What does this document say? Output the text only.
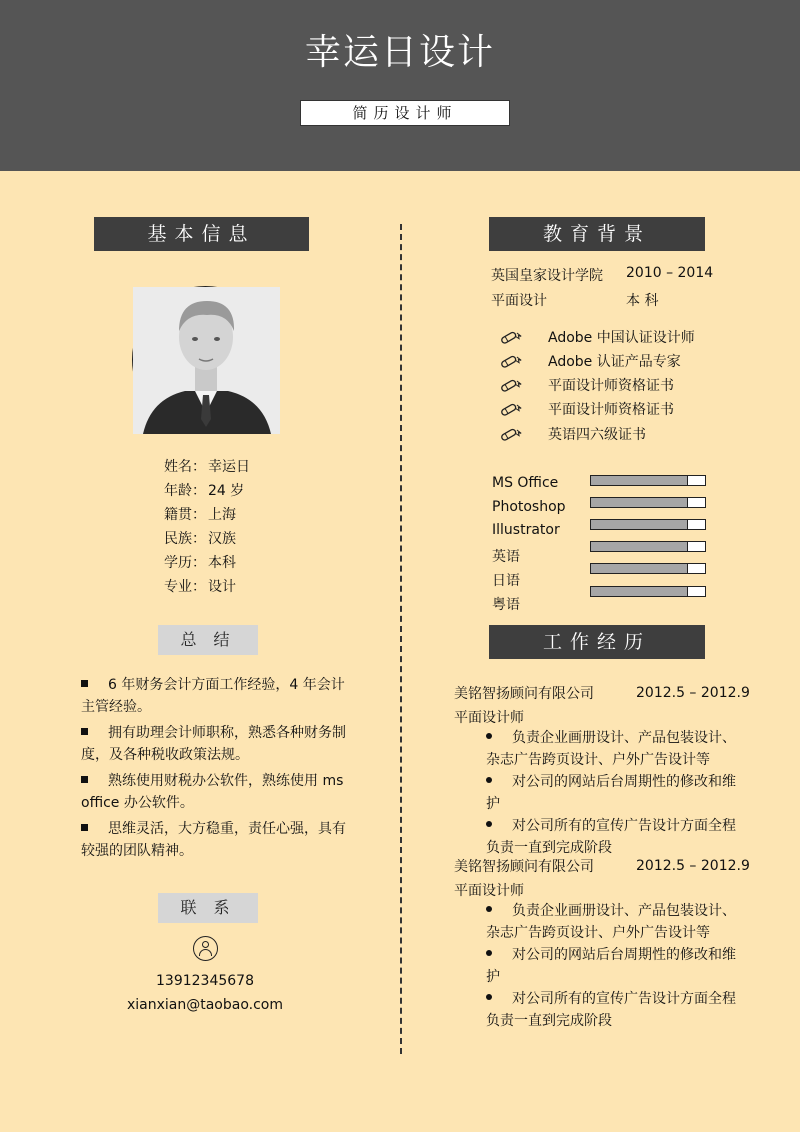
幸运日设计
简历设计师
基本信息
姓名： 幸运日
年龄： 24 岁
籍贯： 上海
民族： 汉族
学历： 本科
专业： 设计
总 结
6 年财务会计方面工作经验，4 年会计主管经验。
拥有助理会计师职称，熟悉各种财务制度，及各种税收政策法规。
熟练使用财税办公软件，熟练使用 ms office 办公软件。
思维灵活，大方稳重，责任心强，具有较强的团队精神。
联 系
13912345678
xianxian@taobao.com
教育背景
英国皇家设计学院 2010 – 2014
平面设计	本 科
Adobe 中国认证设计师
Adobe 认证产品专家
平面设计师资格证书
平面设计师资格证书
英语四六级证书
MS Office
Photoshop
Illustrator
英语
日语
粤语
工作经历
美铭智扬顾问有限公司	2012.5 – 2012.9
平面设计师
负责企业画册设计、产品包装设计、杂志广告跨页设计、户外广告设计等
对公司的网站后台周期性的修改和维护
对公司所有的宣传广告设计方面全程负责一直到完成阶段
美铭智扬顾问有限公司	2012.5 – 2012.9
平面设计师
负责企业画册设计、产品包装设计、杂志广告跨页设计、户外广告设计等
对公司的网站后台周期性的修改和维护
对公司所有的宣传广告设计方面全程负责一直到完成阶段
